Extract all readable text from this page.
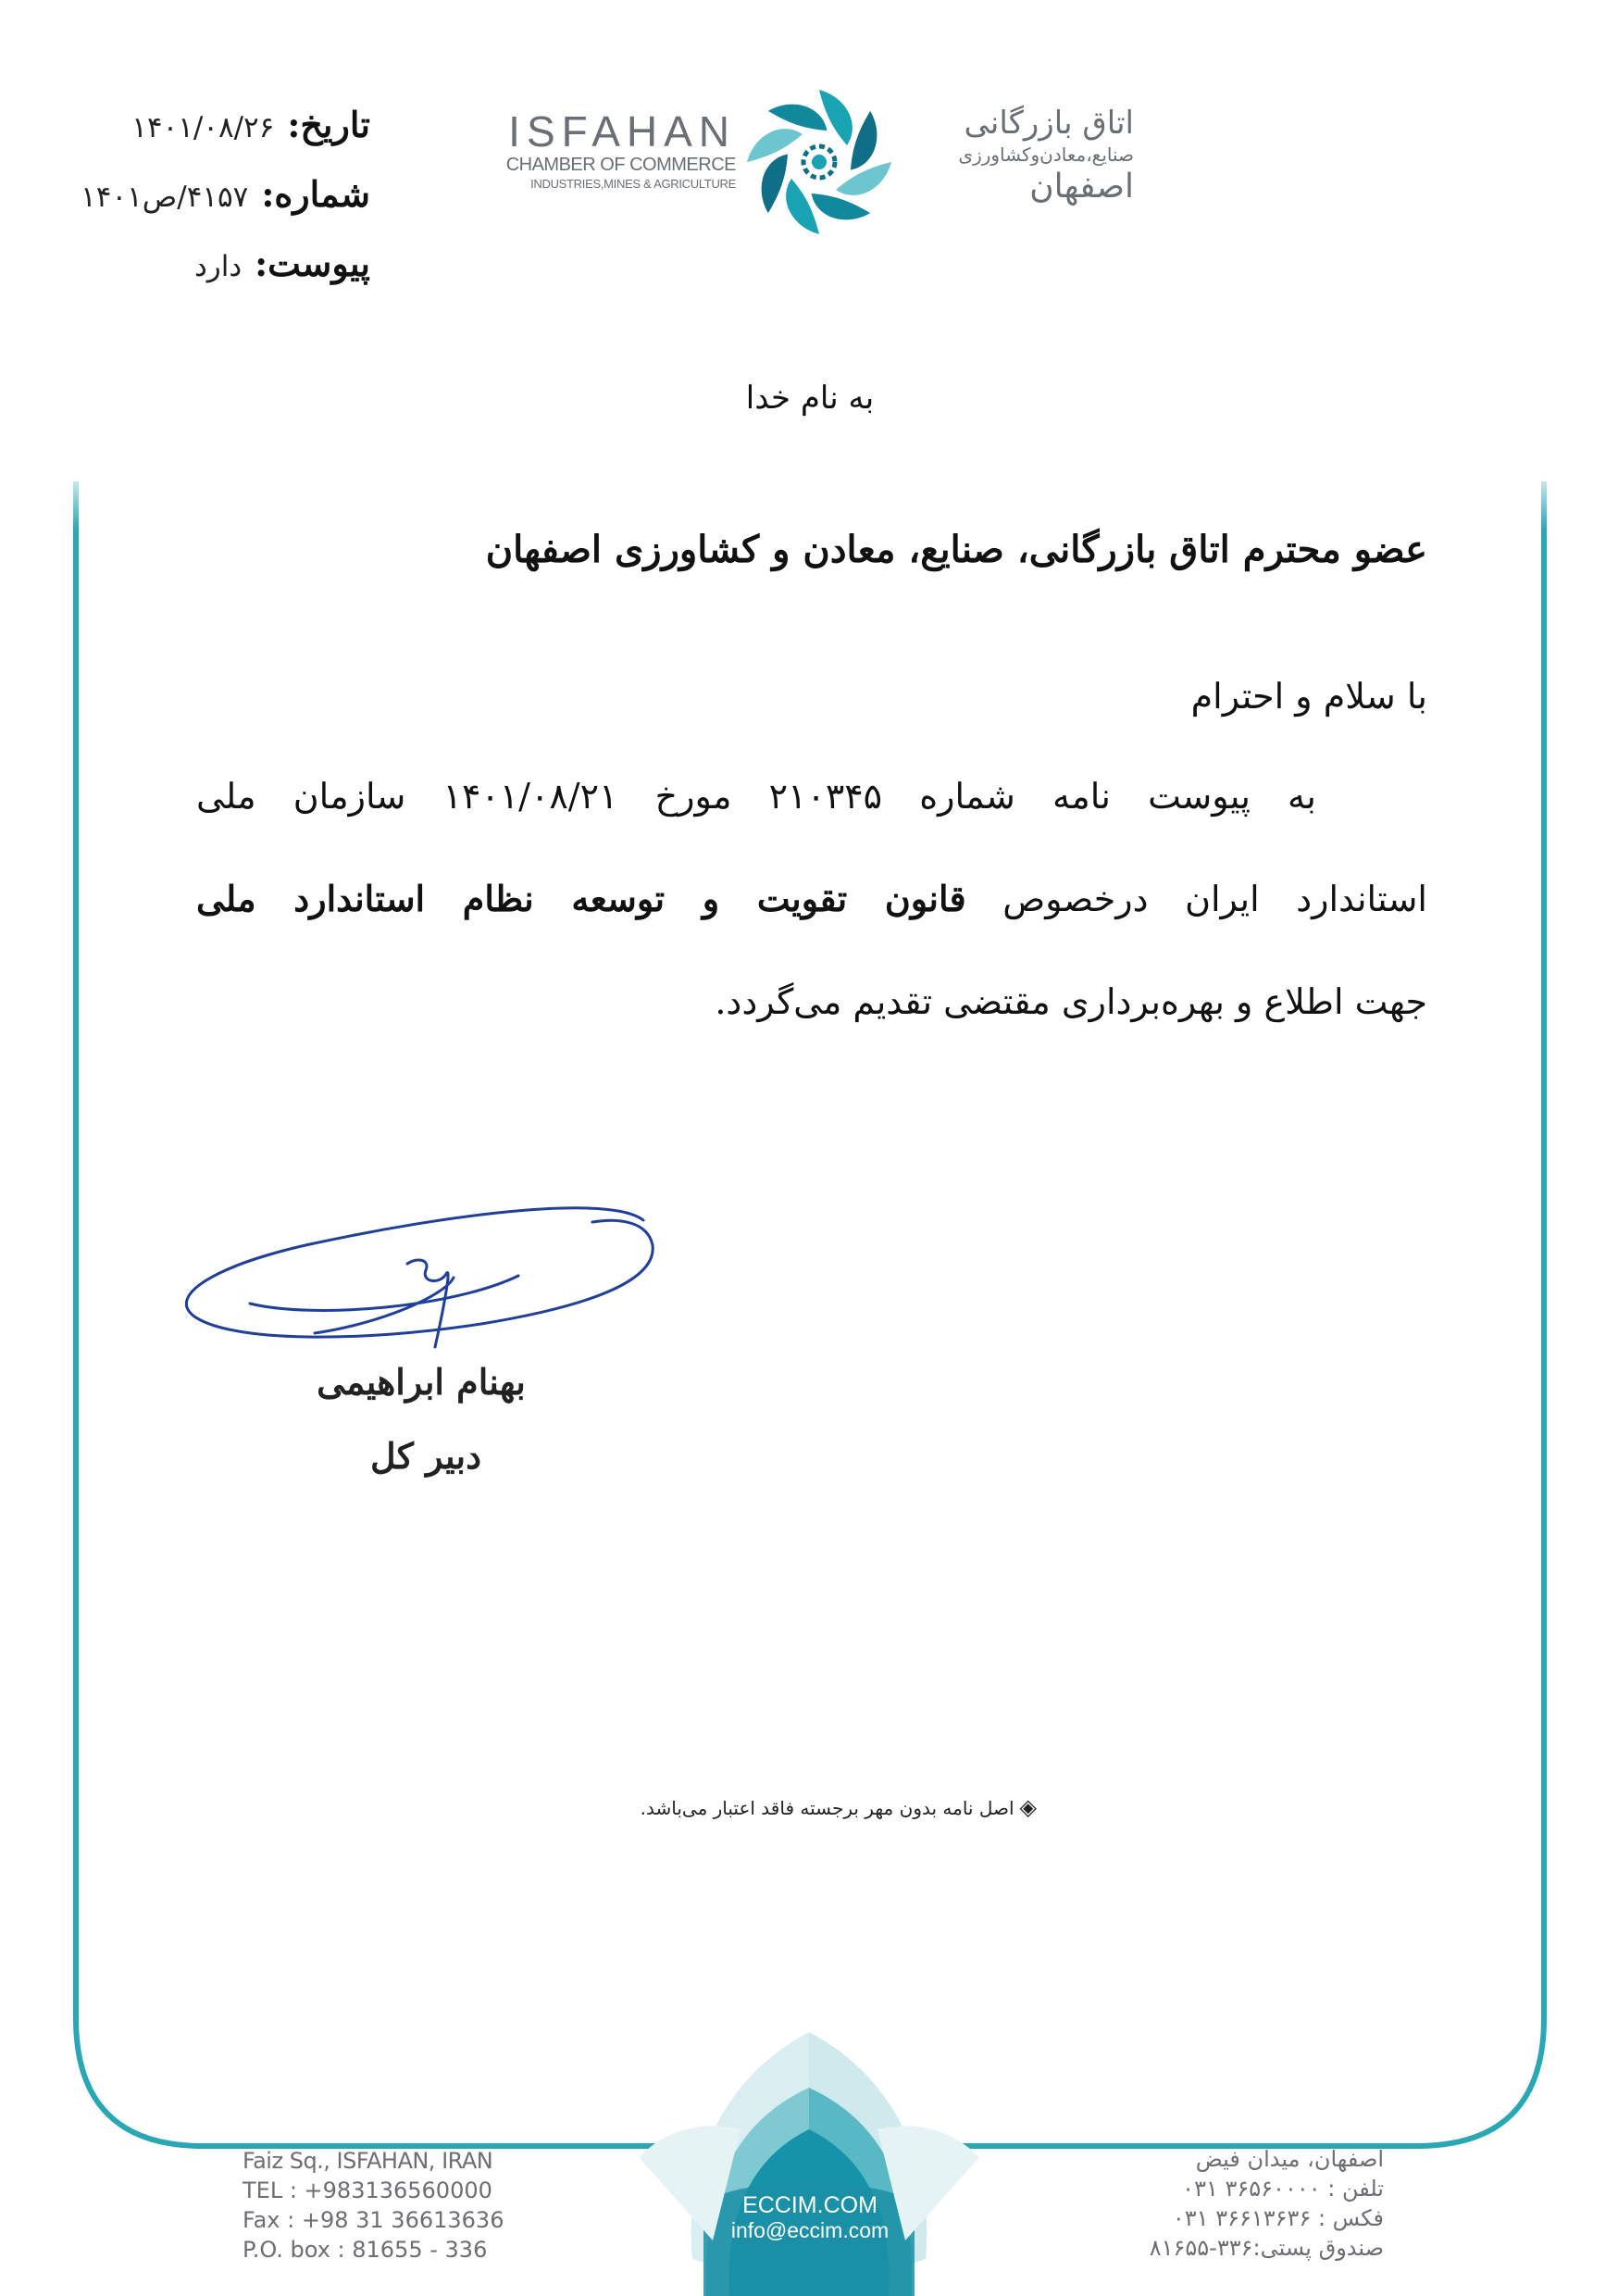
تاریخ:
۱۴۰۱/۰۸/۲۶
شماره:
۴۱۵۷/ص۱۴۰۱
پیوست:
دارد
ISFAHAN
CHAMBER OF COMMERCE
INDUSTRIES,MINES & AGRICULTURE
اتاق بازرگانی
صنایع،معادن‌وکشاورزی
اصفهان
به نام خدا
عضو محترم اتاق بازرگانی، صنایع، معادن و کشاورزی اصفهان
با سلام و احترام
به پیوست نامه شماره ۲۱۰۳۴۵ مورخ ۱۴۰۱/۰۸/۲۱ سازمان ملی
استاندارد ایران درخصوص قانون تقویت و توسعه نظام استاندارد ملی
جهت اطلاع و بهره‌برداری مقتضی تقدیم می‌گردد.
بهنام ابراهیمی
دبیر کل
◈اصل نامه بدون مهر برجسته فاقد اعتبار می‌باشد.
Faiz Sq., ISFAHAN, IRAN
TEL : +983136560000
Fax : +98 31 36613636
P.O. box : 81655 - 336
ECCIM.COM
info@eccim.com
اصفهان، میدان فیض
تلفن : ۳۶۵۶۰۰۰۰ ۰۳۱
فکس : ۳۶۶۱۳۶۳۶ ۰۳۱
صندوق پستی:۳۳۶-۸۱۶۵۵
